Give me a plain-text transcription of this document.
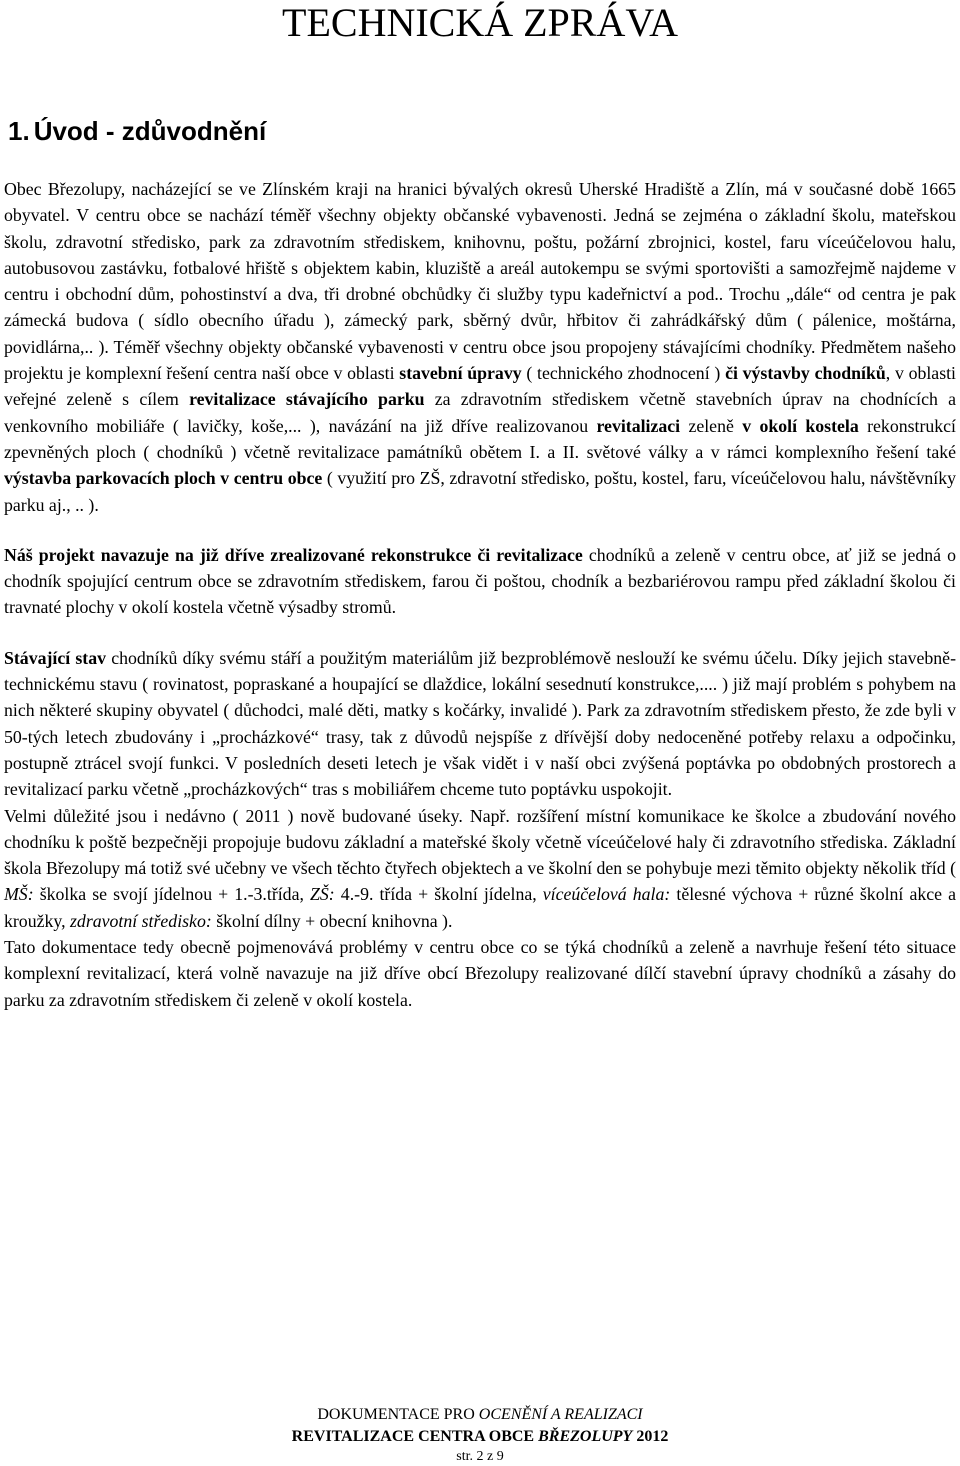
TECHNICKÁ ZPRÁVA
1. Úvod - zdůvodnění

Obec Březolupy, nacházející se ve Zlínském kraji na hranici bývalých okresů Uherské Hradiště a Zlín, má v současné době 1665 obyvatel. V centru obce se nachází téměř všechny objekty občanské vybavenosti. Jedná se zejména o základní školu, mateřskou školu, zdravotní středisko, park za zdravotním střediskem, knihovnu, poštu, požární zbrojnici, kostel, faru víceúčelovou halu, autobusovou zastávku, fotbalové hřiště s objektem kabin, kluziště a areál autokempu se svými sportovišti a samozřejmě najdeme v centru i obchodní dům, pohostinství a dva, tři drobné obchůdky či služby typu kadeřnictví a pod.. Trochu „dále“ od centra je pak zámecká budova ( sídlo obecního úřadu ), zámecký park, sběrný dvůr, hřbitov či zahrádkářský dům ( pálenice, moštárna, povidlárna,.. ). Téměř všechny objekty občanské vybavenosti v centru obce jsou propojeny stávajícími chodníky. Předmětem našeho projektu je komplexní řešení centra naší obce v oblasti stavební úpravy ( technického zhodnocení ) či výstavby chodníků, v oblasti veřejné zeleně s cílem revitalizace stávajícího parku za zdravotním střediskem včetně stavebních úprav na chodnících a venkovního mobiliáře ( lavičky, koše,... ), navázání na již dříve realizovanou revitalizaci zeleně v okolí kostela rekonstrukcí zpevněných ploch ( chodníků ) včetně revitalizace památníků obětem I. a II. světové války a v rámci komplexního řešení také výstavba parkovacích ploch v centru obce ( využití pro ZŠ, zdravotní středisko, poštu, kostel, faru, víceúčelovou halu, návštěvníky parku aj., .. ).

Náš projekt navazuje na již dříve zrealizované rekonstrukce či revitalizace chodníků a zeleně v centru obce, ať již se jedná o chodník spojující centrum obce se zdravotním střediskem, farou či poštou, chodník a bezbariérovou rampu před základní školou či travnaté plochy v okolí kostela včetně výsadby stromů.

Stávající stav chodníků díky svému stáří a použitým materiálům již bezproblémově neslouží ke svému účelu. Díky jejich stavebně-technickému stavu ( rovinatost, popraskané a houpající se dlaždice, lokální sesednutí konstrukce,.... ) již mají problém s pohybem na nich některé skupiny obyvatel ( důchodci, malé děti, matky s kočárky, invalidé ). Park za zdravotním střediskem přesto, že zde byli v 50-tých letech zbudovány i „procházkové“ trasy, tak z důvodů nejspíše z dřívější doby nedoceněné potřeby relaxu a odpočinku, postupně ztrácel svojí funkci. V posledních deseti letech je však vidět i v naší obci zvýšená poptávka po obdobných prostorech a revitalizací parku včetně „procházkových“ tras s mobiliářem chceme tuto poptávku uspokojit.

Velmi důležité jsou i nedávno ( 2011 ) nově budované úseky. Např. rozšíření místní komunikace ke školce a zbudování nového chodníku k poště bezpečněji propojuje budovu základní a mateřské školy včetně víceúčelové haly či zdravotního střediska. Základní škola Březolupy má totiž své učebny ve všech těchto čtyřech objektech a ve školní den se pohybuje mezi těmito objekty několik tříd ( MŠ: školka se svojí jídelnou + 1.-3.třída, ZŠ: 4.-9. třída + školní jídelna, víceúčelová hala: tělesné výchova + různé školní akce a kroužky, zdravotní středisko: školní dílny + obecní knihovna ).

Tato dokumentace tedy obecně pojmenovává problémy v centru obce co se týká chodníků a zeleně a navrhuje řešení této situace komplexní revitalizací, která volně navazuje na již dříve obcí Březolupy realizované dílčí stavební úpravy chodníků a zásahy do parku za zdravotním střediskem či zeleně v okolí kostela.

DOKUMENTACE PRO OCENĚNÍ A REALIZACI
REVITALIZACE CENTRA OBCE BŘEZOLUPY 2012
str. 2 z 9
